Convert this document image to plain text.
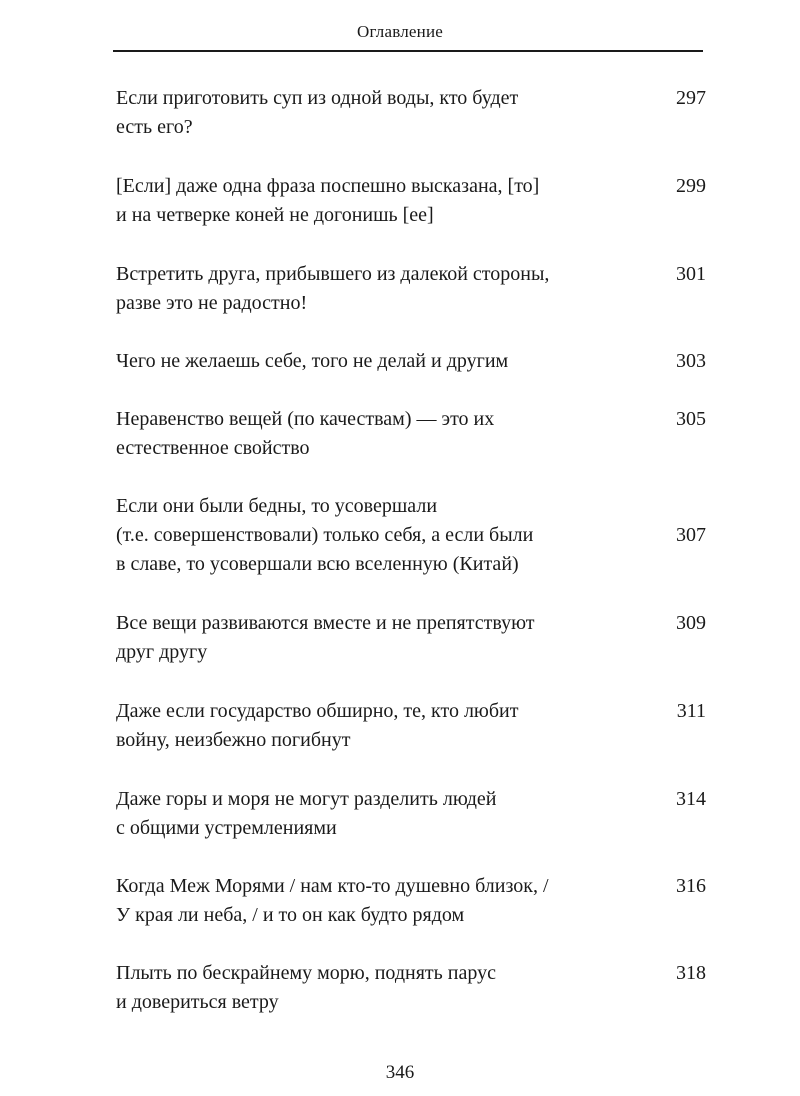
Оглавление
Если приготовить суп из одной воды, кто будет
есть его?
297
[Если] даже одна фраза поспешно высказана, [то]
и на четверке коней не догонишь [ее]
299
Встретить друга, прибывшего из далекой стороны,
разве это не радостно!
301
Чего не желаешь себе, того не делай и другим	303
Неравенство вещей (по качествам) — это их
естественное свойство
305
Если они были бедны, то усовершали
(т.е. совершенствовали) только себя, а если были
в славе, то усовершали всю вселенную (Китай)
307
Все вещи развиваются вместе и не препятствуют
друг другу
309
Даже если государство обширно, те, кто любит
войну, неизбежно погибнут
311
Даже горы и моря не могут разделить людей
с общими устремлениями
314
Когда Меж Морями / нам кто-то душевно близок, /
У края ли неба, / и то он как будто рядом
316
Плыть по бескрайнему морю, поднять парус
и довериться ветру
318
346
